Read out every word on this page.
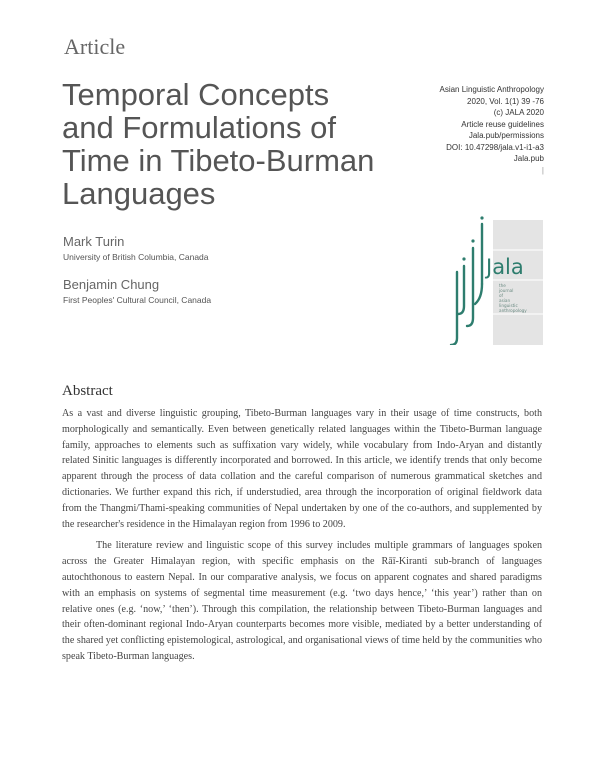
Article
Temporal Concepts
and Formulations of
Time in Tibeto-Burman
Languages
Asian Linguistic Anthropology
2020, Vol. 1(1) 39 -76
(c) JALA 2020
Article reuse guidelines
Jala.pub/permissions
DOI: 10.47298/jala.v1-i1-a3
Jala.pub
|
Mark Turin
University of British Columbia, Canada
Benjamin Chung
First Peoples' Cultural Council, Canada
Jala
the
journal
of
asian
linguistic
anthropology
Abstract

As a vast and diverse linguistic grouping, Tibeto-Burman languages vary in their usage of time constructs, both morphologically and semantically. Even between genetically related languages within the Tibeto-Burman language family, approaches to elements such as suffixation vary widely, while vocabulary from Indo-Aryan and distantly related Sinitic languages is differently incorporated and borrowed. In this article, we identify trends that only become apparent through the process of data collation and the careful comparison of numerous grammatical sketches and dictionaries. We further expand this rich, if understudied, area through the incorporation of original fieldwork data from the Thangmi/Thami-speaking communities of Nepal undertaken by one of the co-authors, and supplemented by the researcher's residence in the Himalayan region from 1996 to 2009.

The literature review and linguistic scope of this survey includes multiple grammars of languages spoken across the Greater Himalayan region, with specific emphasis on the Rāī-Kiranti sub-branch of languages autochthonous to eastern Nepal. In our comparative analysis, we focus on apparent cognates and shared paradigms with an emphasis on systems of segmental time measurement (e.g. ‘two days hence,’ ‘this year’) rather than on relative ones (e.g. ‘now,’ ‘then’). Through this compilation, the relationship between Tibeto-Burman languages and their often-dominant regional Indo-Aryan counterparts becomes more visible, mediated by a better understanding of the shared yet conflicting epistemological, astrological, and organisational views of time held by the communities who speak Tibeto-Burman languages.
